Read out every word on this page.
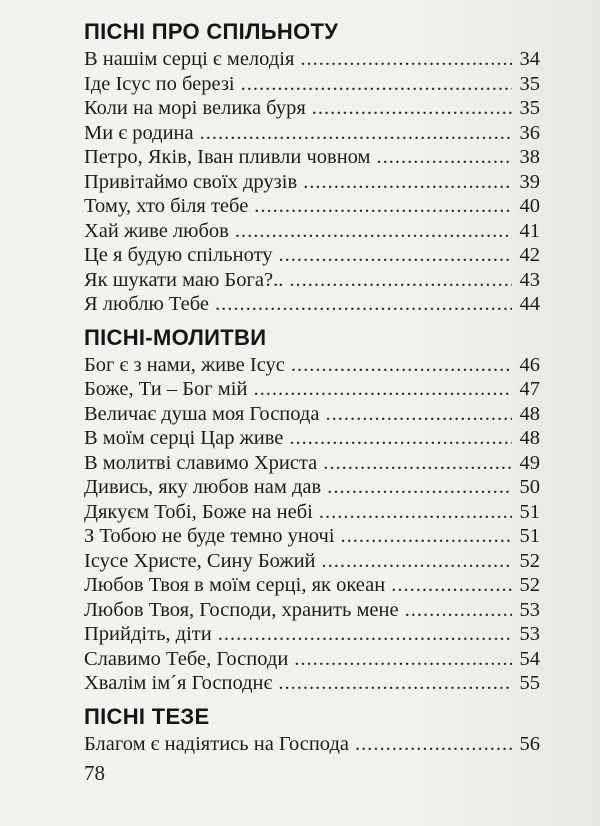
ПІСНІ ПРО СПІЛЬНОТУ
В нашім серці є мелодія .....	34
Іде Ісус по березі .....	35
Коли на морі велика буря .....	35
Ми є родина .....	36
Петро, Яків, Іван пливли човном .....	38
Привітаймо своїх друзів .....	39
Тому, хто біля тебе .....	40
Хай живе любов .....	41
Це я будую спільноту .....	42
Як шукати маю Бога?.. .....	43
Я люблю Тебе .....	44
ПІСНІ-МОЛИТВИ
Бог є з нами, живе Ісус .....	46
Боже, Ти – Бог мій .....	47
Величає душа моя Господа .....	48
В моїм серці Цар живе .....	48
В молитві славимо Христа .....	49
Дивись, яку любов нам дав .....	50
Дякуєм Тобі, Боже на небі .....	51
З Тобою не буде темно уночі .....	51
Ісусе Христе, Сину Божий .....	52
Любов Твоя в моїм серці, як океан .....	52
Любов Твоя, Господи, хранить мене .....	53
Прийдіть, діти .....	53
Славимо Тебе, Господи .....	54
Хвалім ім´я Господнє .....	55
ПІСНІ ТЕЗЕ
Благом є надіятись на Господа .....	56
78
